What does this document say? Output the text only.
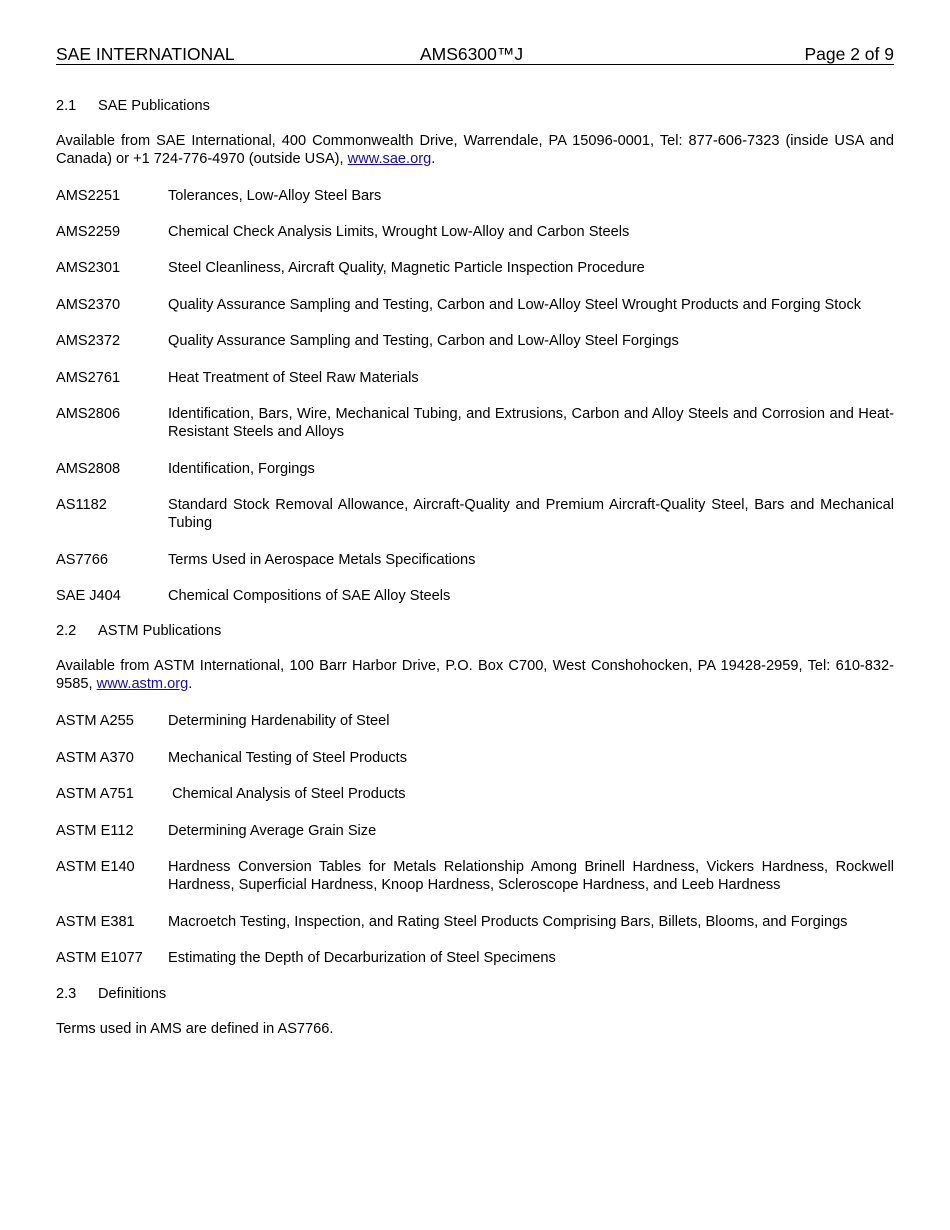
SAE INTERNATIONAL	AMS6300™J	Page 2 of 9

2.1 SAE Publications

Available from SAE International, 400 Commonwealth Drive, Warrendale, PA 15096-0001, Tel: 877-606-7323 (inside USA and Canada) or +1 724-776-4970 (outside USA), www.sae.org.

AMS2251	Tolerances, Low-Alloy Steel Bars

AMS2259	Chemical Check Analysis Limits, Wrought Low-Alloy and Carbon Steels

AMS2301	Steel Cleanliness, Aircraft Quality, Magnetic Particle Inspection Procedure

AMS2370	Quality Assurance Sampling and Testing, Carbon and Low-Alloy Steel Wrought Products and Forging Stock

AMS2372	Quality Assurance Sampling and Testing, Carbon and Low-Alloy Steel Forgings

AMS2761	Heat Treatment of Steel Raw Materials

AMS2806	Identification, Bars, Wire, Mechanical Tubing, and Extrusions, Carbon and Alloy Steels and Corrosion and Heat-Resistant Steels and Alloys

AMS2808	Identification, Forgings

AS1182	Standard Stock Removal Allowance, Aircraft-Quality and Premium Aircraft-Quality Steel, Bars and Mechanical Tubing

AS7766	Terms Used in Aerospace Metals Specifications

SAE J404	Chemical Compositions of SAE Alloy Steels

2.2 ASTM Publications

Available from ASTM International, 100 Barr Harbor Drive, P.O. Box C700, West Conshohocken, PA 19428-2959, Tel: 610-832-9585, www.astm.org.

ASTM A255 Determining Hardenability of Steel

ASTM A370 Mechanical Testing of Steel Products

ASTM A751	Chemical Analysis of Steel Products

ASTM E112 Determining Average Grain Size

ASTM E140 Hardness Conversion Tables for Metals Relationship Among Brinell Hardness, Vickers Hardness, Rockwell Hardness, Superficial Hardness, Knoop Hardness, Scleroscope Hardness, and Leeb Hardness

ASTM E381 Macroetch Testing, Inspection, and Rating Steel Products Comprising Bars, Billets, Blooms, and Forgings

ASTM E1077 Estimating the Depth of Decarburization of Steel Specimens

2.3 Definitions

Terms used in AMS are defined in AS7766.
